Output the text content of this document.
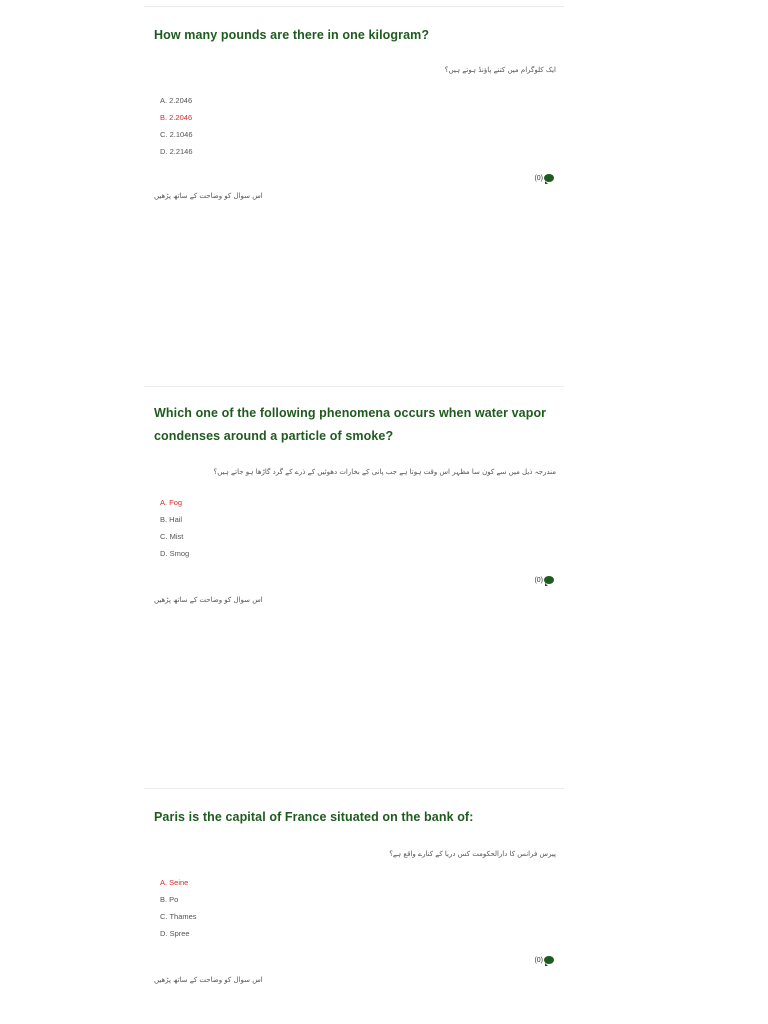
How many pounds are there in one kilogram?
ایک کلوگرام میں کتنے پاؤنڈ ہوتے ہیں؟
A. 2.2046
B. 2.2046
C. 2.1046
D. 2.2146
(0)
اس سوال کو وضاحت کے ساتھ پڑھیں
Which one of the following phenomena occurs when water vapor condenses around a particle of smoke?
مندرجہ ذیل میں سے کون سا مظہر اس وقت ہوتا ہے جب پانی کے بخارات دھوئیں کے ذرے کے گرد گاڑھا ہو جاتے ہیں؟
A. Fog
B. Hail
C. Mist
D. Smog
(0)
اس سوال کو وضاحت کے ساتھ پڑھیں
Paris is the capital of France situated on the bank of:
پیرس فرانس کا دارالحکومت کس دریا کے کنارے واقع ہے؟
A. Seine
B. Po
C. Thames
D. Spree
(0)
اس سوال کو وضاحت کے ساتھ پڑھیں
